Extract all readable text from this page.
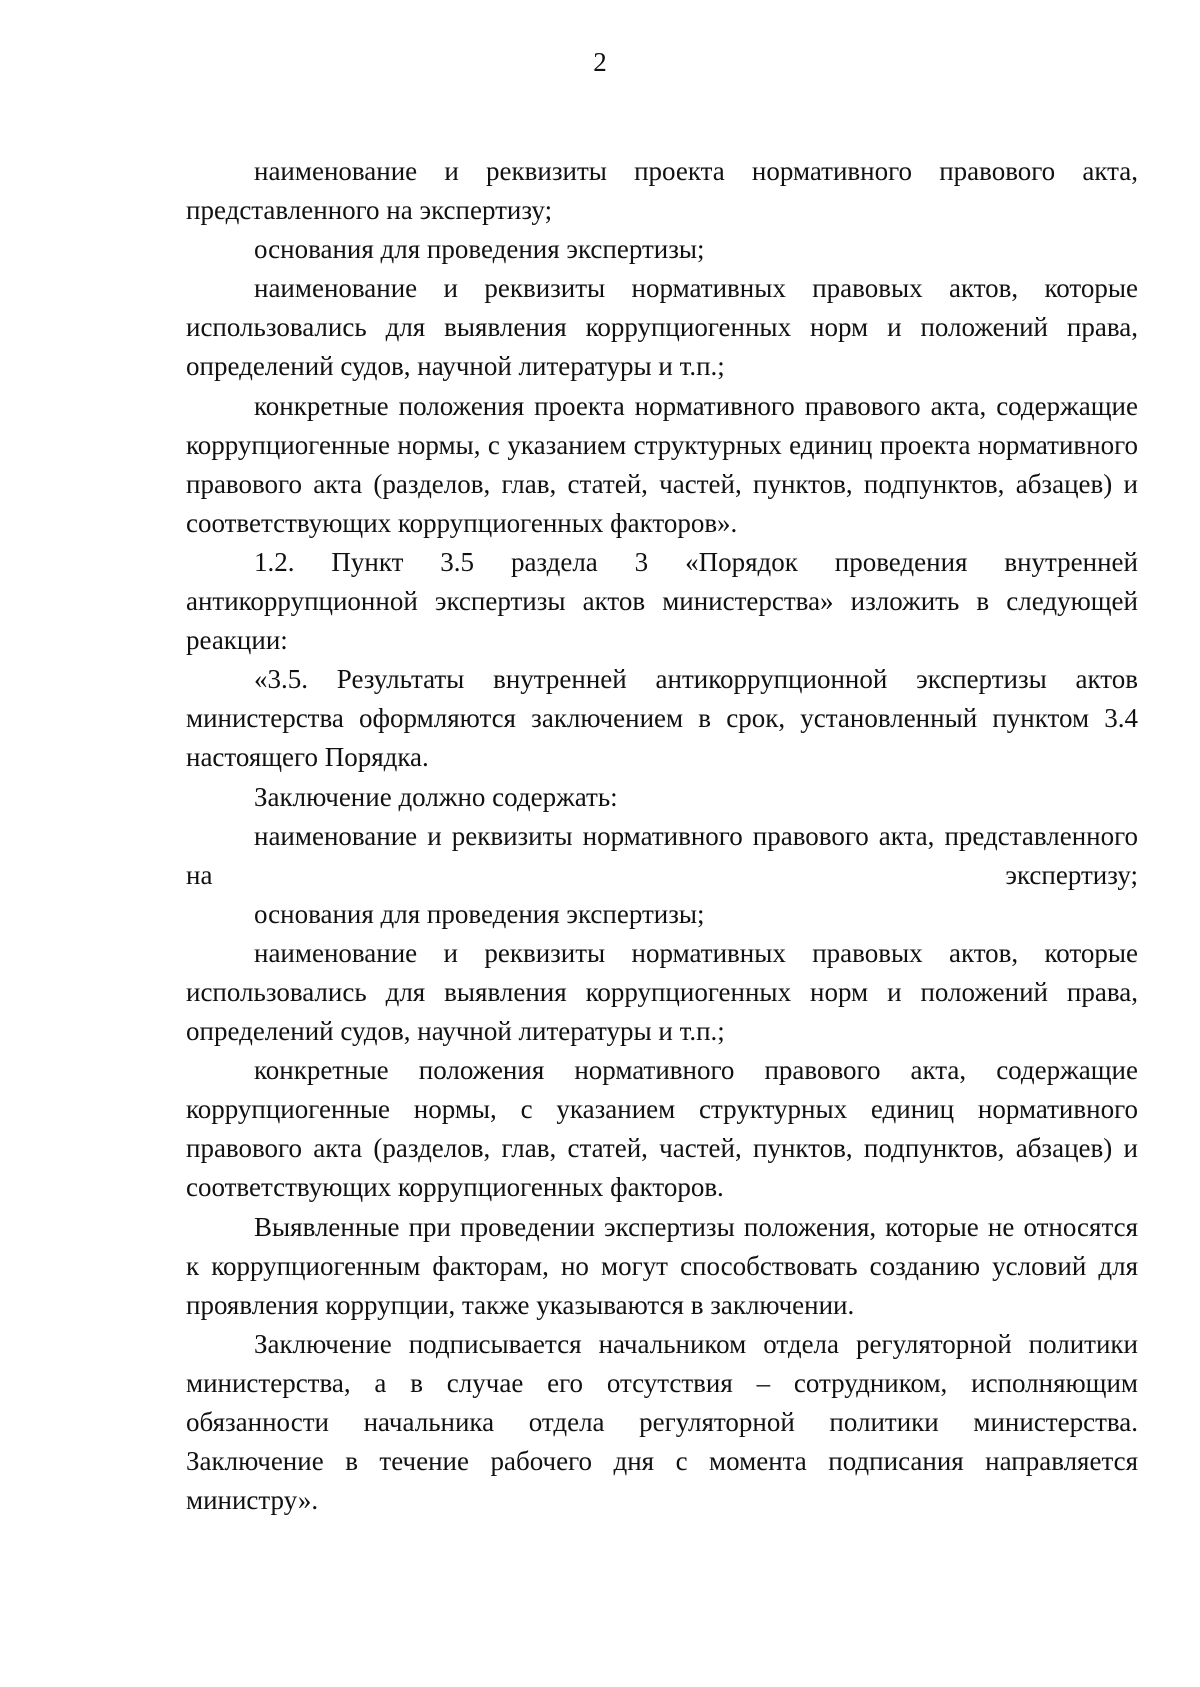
2

наименование и реквизиты проекта нормативного правового акта, представленного на экспертизу;

основания для проведения экспертизы;

наименование и реквизиты нормативных правовых актов, которые использовались для выявления коррупциогенных норм и положений права, определений судов, научной литературы и т.п.;

конкретные положения проекта нормативного правового акта, содержащие коррупциогенные нормы, с указанием структурных единиц проекта нормативного правового акта (разделов, глав, статей, частей, пунктов, подпунктов, абзацев) и соответствующих коррупциогенных факторов».

1.2. Пункт 3.5 раздела 3 «Порядок проведения внутренней антикоррупционной экспертизы актов министерства» изложить в следующей реакции:

«3.5. Результаты внутренней антикоррупционной экспертизы актов министерства оформляются заключением в срок, установленный пунктом 3.4 настоящего Порядка.

Заключение должно содержать:

наименование и реквизиты нормативного правового акта, представленного на экспертизу;

основания для проведения экспертизы;

наименование и реквизиты нормативных правовых актов, которые использовались для выявления коррупциогенных норм и положений права, определений судов, научной литературы и т.п.;

конкретные положения нормативного правового акта, содержащие коррупциогенные нормы, с указанием структурных единиц нормативного правового акта (разделов, глав, статей, частей, пунктов, подпунктов, абзацев) и соответствующих коррупциогенных факторов.

Выявленные при проведении экспертизы положения, которые не относятся к коррупциогенным факторам, но могут способствовать созданию условий для проявления коррупции, также указываются в заключении.

Заключение подписывается начальником отдела регуляторной политики министерства, а в случае его отсутствия – сотрудником, исполняющим обязанности начальника отдела регуляторной политики министерства. Заключение в течение рабочего дня с момента подписания направляется министру».
